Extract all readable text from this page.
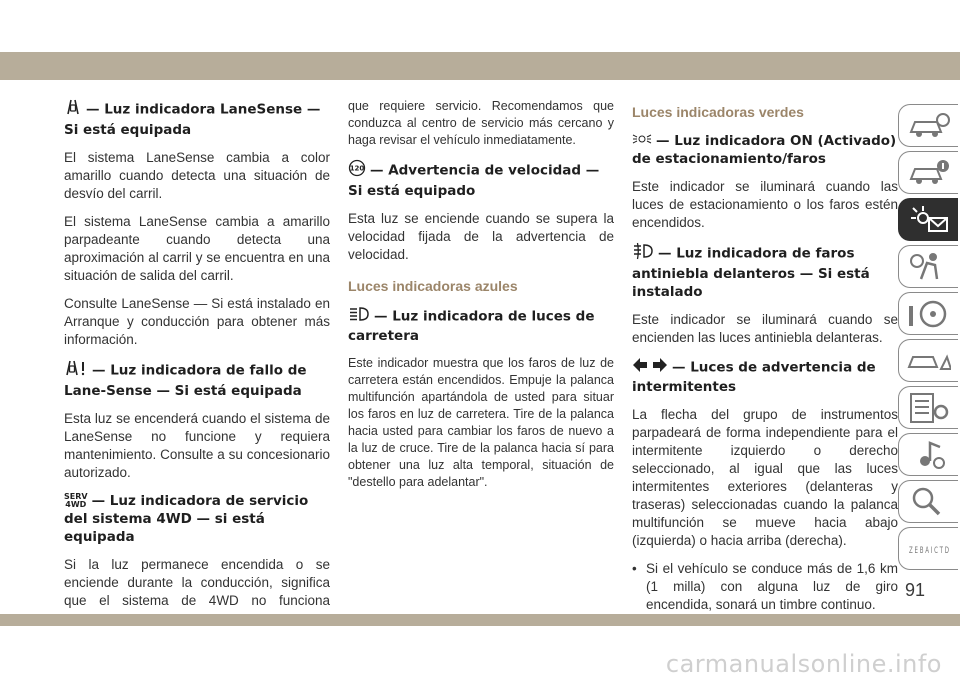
— Luz indicadora LaneSense — Si está equipada

El sistema LaneSense cambia a color amarillo cuando detecta una situación de desvío del carril.

El sistema LaneSense cambia a amarillo parpadeante cuando detecta una aproximación al carril y se encuentra en una situación de salida del carril.

Consulte LaneSense — Si está instalado en Arranque y conducción para obtener más información.

— Luz indicadora de fallo de Lane-Sense — Si está equipada

Esta luz se encenderá cuando el sistema de LaneSense no funcione y requiera mantenimiento. Consulte a su concesionario autorizado.

SERV
4WD — Luz indicadora de servicio del sistema 4WD — si está equipada

Si la luz permanece encendida o se enciende durante la conducción, significa que el sistema de 4WD no funciona

que requiere servicio. Recomendamos que conduzca al centro de servicio más cercano y haga revisar el vehículo inmediatamente.

120 — Advertencia de velocidad — Si está equipado

Esta luz se enciende cuando se supera la velocidad fijada de la advertencia de velocidad.

Luces indicadoras azules
— Luz indicadora de luces de carretera

Este indicador muestra que los faros de luz de carretera están encendidos. Empuje la palanca multifunción apartándola de usted para situar los faros en luz de carretera. Tire de la palanca hacia usted para cambiar los faros de nuevo a la luz de cruce. Tire de la palanca hacia sí para obtener una luz alta temporal, situación de "destello para adelantar".

Luces indicadoras verdes
— Luz indicadora ON (Activado) de estacionamiento/faros

Este indicador se iluminará cuando las luces de estacionamiento o los faros estén encendidos.

— Luz indicadora de faros antiniebla delanteros — Si está instalado

Este indicador se iluminará cuando se encienden las luces antiniebla delanteras.

— Luces de advertencia de intermitentes

La flecha del grupo de instrumentos parpadeará de forma independiente para el intermitente izquierdo o derecho seleccionado, al igual que las luces intermitentes exteriores (delanteras y traseras) seleccionadas cuando la palanca multifunción se mueve hacia abajo (izquierda) o hacia arriba (derecha).

• Si el vehículo se conduce más de 1,6 km (1 milla) con alguna luz de giro encendida, sonará un timbre continuo.
Z E B A I C T D
91
carmanualsonline.info
